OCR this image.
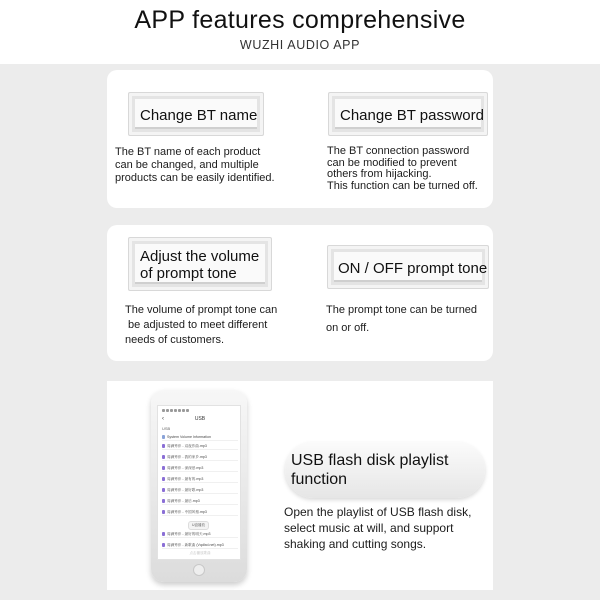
APP features comprehensive
WUZHI AUDIO APP
Change BT name
The BT name of each product
can be changed, and multiple
products can be easily identified.
Change BT password
The BT connection password
can be modified to prevent
others from hijacking.
This function can be turned off.
Adjust the volume
of prompt tone
The volume of prompt tone can
be adjusted to meet different
needs of customers.
ON / OFF prompt tone
The prompt tone can be turned
on or off.
‹	USB
USB
System Volume Information
周满秀伴 - 双夜作曲.mp3
周满秀伴 - 我的家乡.mp3
周满秀伴 - 深深爱.mp3
周满秀伴 - 最有的.mp3
周满秀伴 - 最好歌.mp3
周满秀伴 - 最后.mp3
周满秀伴 - 中国风格.mp3
周满秀伴 - 最好的明天.mp3
周满秀伴 - 新歌曲 (Vqdlxd.net).mp3
U盘播放
点击播放歌曲
USB flash disk playlist
function
Open the playlist of USB flash disk,
select music at will, and support
shaking and cutting songs.
